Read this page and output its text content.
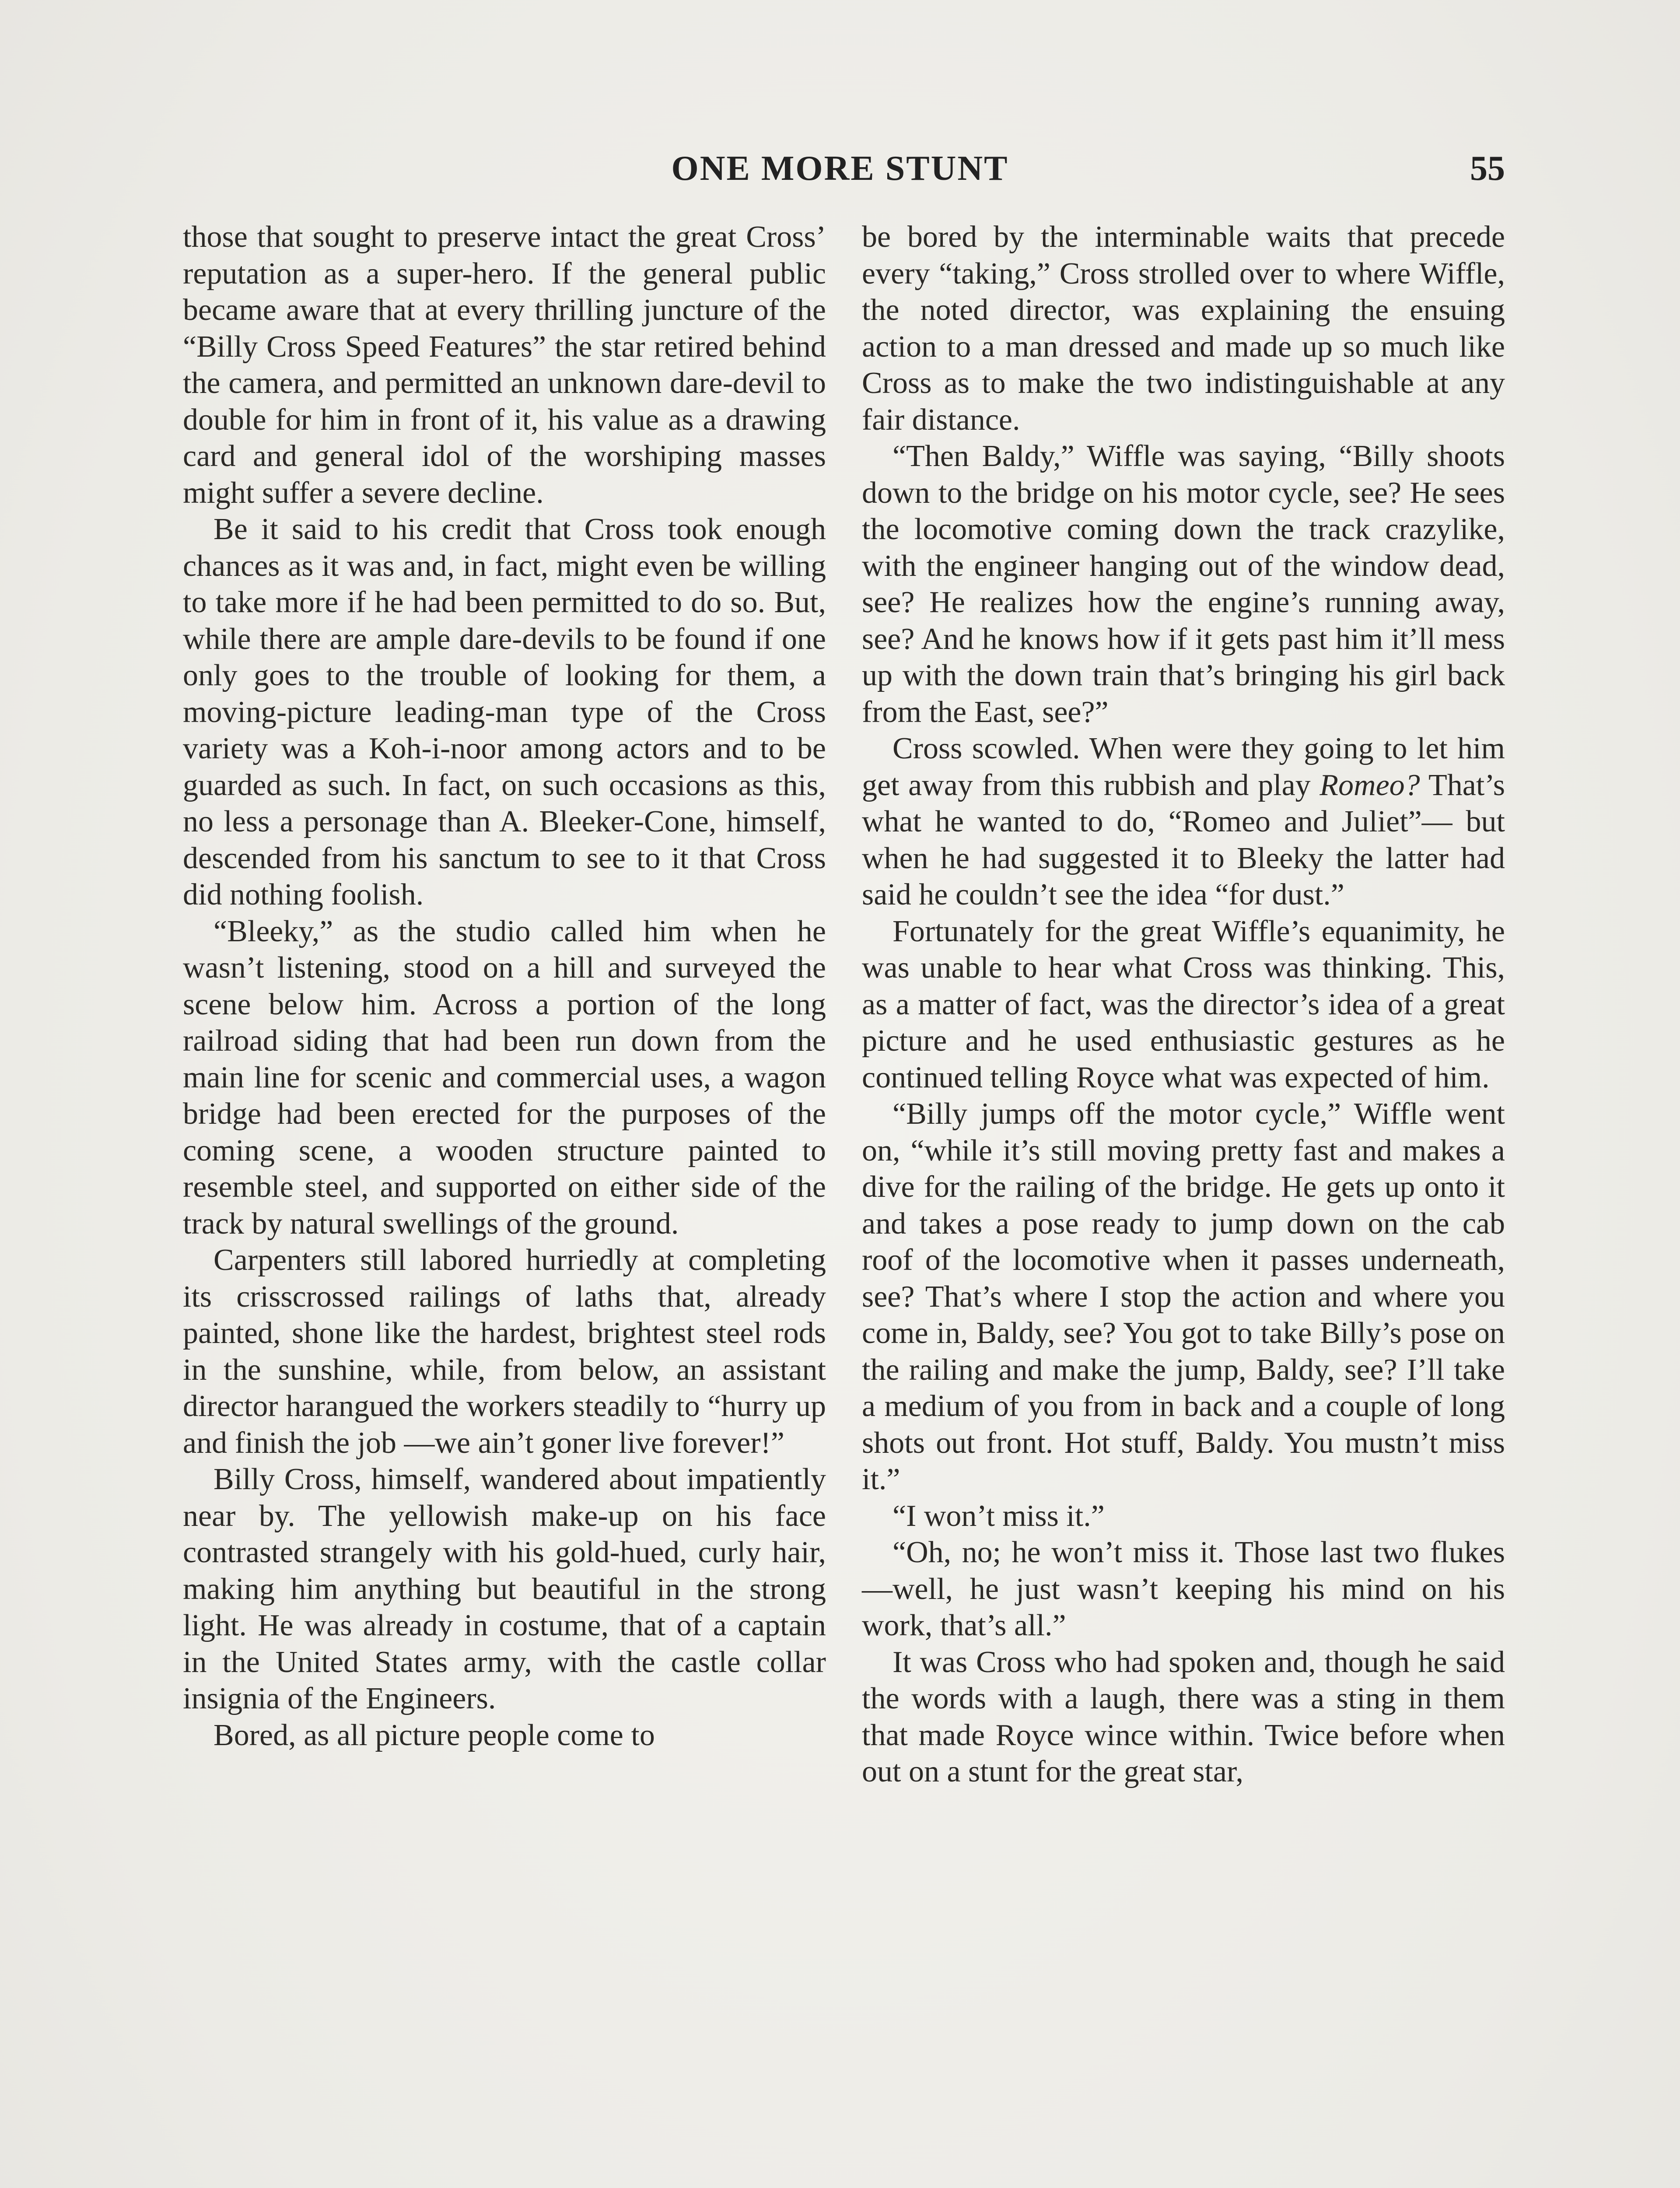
ONE MORE STUNT	55

those that sought to preserve intact the great Cross’ reputation as a super-hero. If the general public became aware that at every thrilling juncture of the “Billy Cross Speed Features” the star retired behind the camera, and permitted an unknown dare-devil to double for him in front of it, his value as a drawing card and general idol of the worshiping masses might suffer a severe decline.

Be it said to his credit that Cross took enough chances as it was and, in fact, might even be willing to take more if he had been permitted to do so. But, while there are ample dare-devils to be found if one only goes to the trouble of looking for them, a moving-picture leading-man type of the Cross variety was a Koh-i-noor among actors and to be guarded as such. In fact, on such occasions as this, no less a personage than A. Bleeker-Cone, himself, descended from his sanctum to see to it that Cross did nothing foolish.

“Bleeky,” as the studio called him when he wasn’t listening, stood on a hill and surveyed the scene below him. Across a portion of the long railroad siding that had been run down from the main line for scenic and commercial uses, a wagon bridge had been erected for the purposes of the coming scene, a wooden structure painted to resemble steel, and supported on either side of the track by natural swellings of the ground.

Carpenters still labored hurriedly at completing its crisscrossed railings of laths that, already painted, shone like the hardest, brightest steel rods in the sunshine, while, from below, an assistant director harangued the workers steadily to “hurry up and finish the job —we ain’t goner live forever!”

Billy Cross, himself, wandered about impatiently near by. The yellowish make-up on his face contrasted strangely with his gold-hued, curly hair, making him anything but beautiful in the strong light. He was already in costume, that of a captain in the United States army, with the castle collar insignia of the Engineers.

Bored, as all picture people come to

be bored by the interminable waits that precede every “taking,” Cross strolled over to where Wiffle, the noted director, was explaining the ensuing action to a man dressed and made up so much like Cross as to make the two indistinguishable at any fair distance.

“Then Baldy,” Wiffle was saying, “Billy shoots down to the bridge on his motor cycle, see? He sees the locomotive coming down the track crazylike, with the engineer hanging out of the window dead, see? He realizes how the engine’s running away, see? And he knows how if it gets past him it’ll mess up with the down train that’s bringing his girl back from the East, see?”

Cross scowled. When were they going to let him get away from this rubbish and play Romeo? That’s what he wanted to do, “Romeo and Juliet”— but when he had suggested it to Bleeky the latter had said he couldn’t see the idea “for dust.”

Fortunately for the great Wiffle’s equanimity, he was unable to hear what Cross was thinking. This, as a matter of fact, was the director’s idea of a great picture and he used enthusiastic gestures as he continued telling Royce what was expected of him.

“Billy jumps off the motor cycle,” Wiffle went on, “while it’s still moving pretty fast and makes a dive for the railing of the bridge. He gets up onto it and takes a pose ready to jump down on the cab roof of the locomotive when it passes underneath, see? That’s where I stop the action and where you come in, Baldy, see? You got to take Billy’s pose on the railing and make the jump, Baldy, see? I’ll take a medium of you from in back and a couple of long shots out front. Hot stuff, Baldy. You mustn’t miss it.”

“I won’t miss it.”

“Oh, no; he won’t miss it. Those last two flukes—well, he just wasn’t keeping his mind on his work, that’s all.”

It was Cross who had spoken and, though he said the words with a laugh, there was a sting in them that made Royce wince within. Twice before when out on a stunt for the great star,
